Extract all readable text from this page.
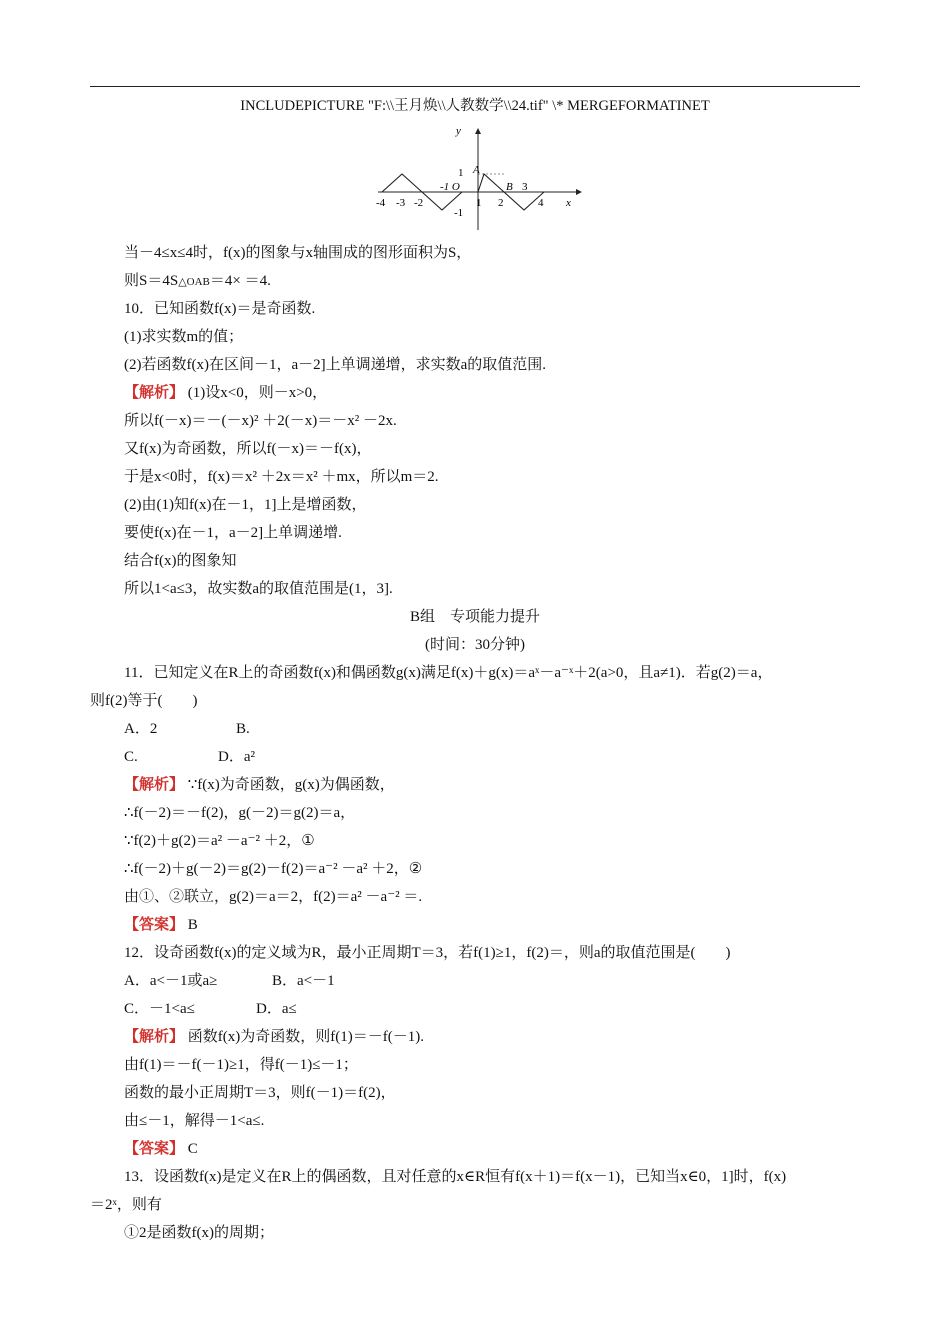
INCLUDEPICTURE "F:\\王月焕\\人教数学\\24.tif" \* MERGEFORMATINET
y
x
1 A
-1 O	B 3
-1
-4 -3 -2	1 2	4
当－4≤x≤4时，f(x)的图象与x轴围成的图形面积为S，
则S＝4S△OAB＝4× ＝4.
10．已知函数f(x)＝是奇函数.
(1)求实数m的值；
(2)若函数f(x)在区间－1，a－2]上单调递增，求实数a的取值范围.
【解析】 (1)设x<0，则－x>0，
所以f(－x)＝－(－x)² ＋2(－x)＝－x² －2x.
又f(x)为奇函数，所以f(－x)＝－f(x)，
于是x<0时，f(x)＝x² ＋2x＝x² ＋mx，所以m＝2.
(2)由(1)知f(x)在－1，1]上是增函数，
要使f(x)在－1，a－2]上单调递增.
结合f(x)的图象知
所以1<a≤3，故实数a的取值范围是(1，3].
B组　专项能力提升
(时间：30分钟)
11．已知定义在R上的奇函数f(x)和偶函数g(x)满足f(x)＋g(x)＝aˣ－a⁻ˣ＋2(a>0，且a≠1)．若g(2)＝a，
则f(2)等于(　　)
A．2	B.
C.	D．a²
【解析】 ∵f(x)为奇函数，g(x)为偶函数，
∴f(－2)＝－f(2)，g(－2)＝g(2)＝a，
∵f(2)＋g(2)＝a² －a⁻² ＋2，①
∴f(－2)＋g(－2)＝g(2)－f(2)＝a⁻² －a² ＋2，②
由①、②联立，g(2)＝a＝2，f(2)＝a² －a⁻² ＝.
【答案】 B
12．设奇函数f(x)的定义域为R，最小正周期T＝3，若f(1)≥1，f(2)＝，则a的取值范围是(　　)
A．a<－1或a≥	B．a<－1
C．－1<a≤	D．a≤
【解析】 函数f(x)为奇函数，则f(1)＝－f(－1).
由f(1)＝－f(－1)≥1，得f(－1)≤－1；
函数的最小正周期T＝3，则f(－1)＝f(2)，
由≤－1，解得－1<a≤.
【答案】 C
13．设函数f(x)是定义在R上的偶函数，且对任意的x∈R恒有f(x＋1)＝f(x－1)，已知当x∈0，1]时，f(x)
＝2ˣ，则有
①2是函数f(x)的周期；
